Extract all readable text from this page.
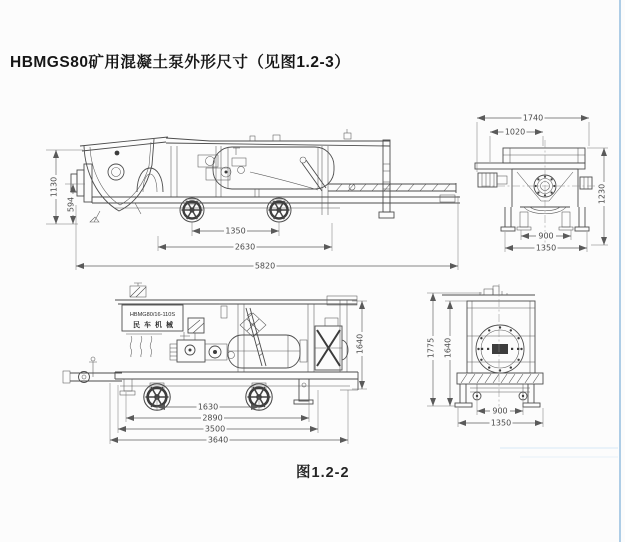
HBMGS80矿用混凝土泵外形尺寸（见图1.2-3）
1130
594
1350
2630
5820
1740
1020
1230
900
1350
HBMG80/16-110S
民车机械
1640
1630
2890
3500
3640
1775 1640
900
1350
图1.2-2
